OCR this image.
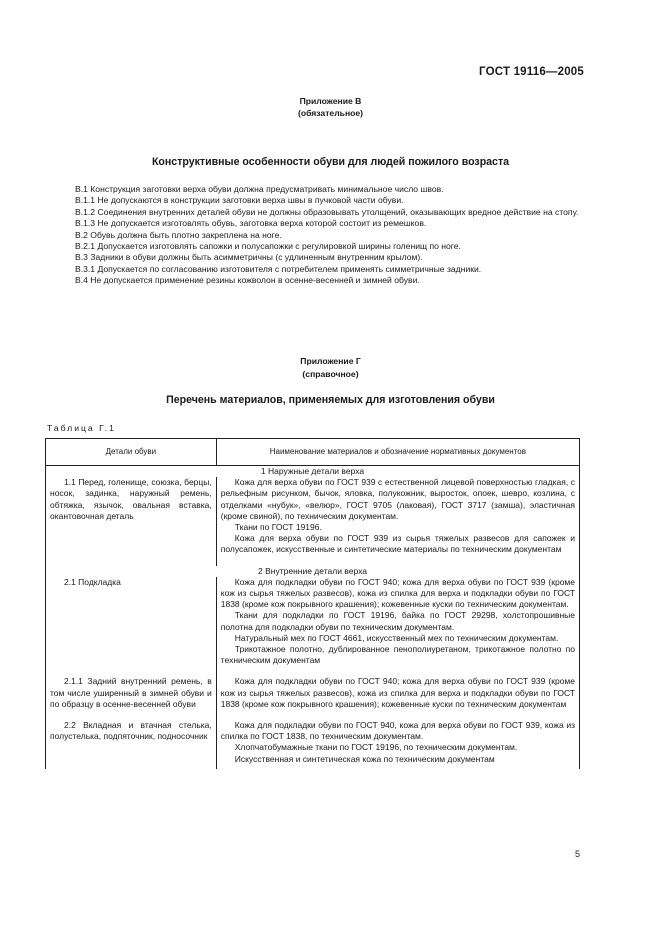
ГОСТ 19116—2005
Приложение В
(обязательное)
Конструктивные особенности обуви для людей пожилого возраста

В.1 Конструкция заготовки верха обуви должна предусматривать минимальное число швов.

В.1.1 Не допускаются в конструкции заготовки верха швы в пучковой части обуви.

В.1.2 Соединения внутренних деталей обуви не должны образовывать утолщений, оказывающих вредное действие на стопу.

В.1.3 Не допускается изготовлять обувь, заготовка верха которой состоит из ремешков.

В.2 Обувь должна быть плотно закреплена на ноге.

В.2.1 Допускается изготовлять сапожки и полусапожки с регулировкой ширины голенищ по ноге.

В.3 Задники в обуви должны быть асимметричны (с удлиненным внутренним крылом).

В.3.1 Допускается по согласованию изготовителя с потребителем применять симметричные задники.

В.4 Не допускается применение резины кожволон в осенне-весенней и зимней обуви.

Приложение Г
(справочное)
Перечень материалов, применяемых для изготовления обуви
Таблица Г.1
Детали обуви	Наименование материалов и обозначение нормативных документов
1 Наружные детали верха	

1.1 Перед, голенище, союзка, берцы, носок, задинка, наружный ремень, обтяжка, язычок, овальная вставка, окантовочная деталь	Кожа для верха обуви по ГОСТ 939 с естественной лицевой поверхностью гладкая, с рельефным рисунком, бычок, яловка, полукожник, выросток, опоек, шевро, козлина, с отделками «нубук», «велюр», ГОСТ 9705 (лаковая), ГОСТ 3717 (замша), эластичная (кроме свиной), по техническим документам.

Ткани по ГОСТ 19196.

Кожа для верха обуви по ГОСТ 939 из сырья тяжелых развесов для сапожек и полусапожек, искусственные и синтетические материалы по техническим документам

2 Внутренние детали верха	

2.1 Подкладка	Кожа для подкладки обуви по ГОСТ 940; кожа для верха обуви по ГОСТ 939 (кроме кож из сырья тяжелых развесов), кожа из спилка для верха и подкладки обуви по ГОСТ 1838 (кроме кож покрывного крашения); кожевенные куски по техническим документам.

Ткани для подкладки по ГОСТ 19196, байка по ГОСТ 29298, холстопрошивные полотна для подкладки обуви по техническим документам.

Натуральный мех по ГОСТ 4661, искусственный мех по техническим документам.

Трикотажное полотно, дублированное пенополиуретаном, трикотажное полотно по техническим документам

2.1.1 Задний внутренний ремень, в том числе уширенный в зимней обуви и по образцу в осенне-весенней обуви	Кожа для подкладки обуви по ГОСТ 940; кожа для верха обуви по ГОСТ 939 (кроме кож из сырья тяжелых развесов), кожа из спилка для верха и подкладки обуви по ГОСТ 1838 (кроме кож покрывного крашения); кожевенные куски по техническим документам

2.2 Вкладная и втачная стелька, полустелька, подпяточник, подносочник	Кожа для подкладки обуви по ГОСТ 940, кожа для верха обуви по ГОСТ 939, кожа из спилка по ГОСТ 1838, по техническим документам.

Хлопчатобумажные ткани по ГОСТ 19196, по техническим документам.

Искусственная и синтетическая кожа по техническим документам

5
